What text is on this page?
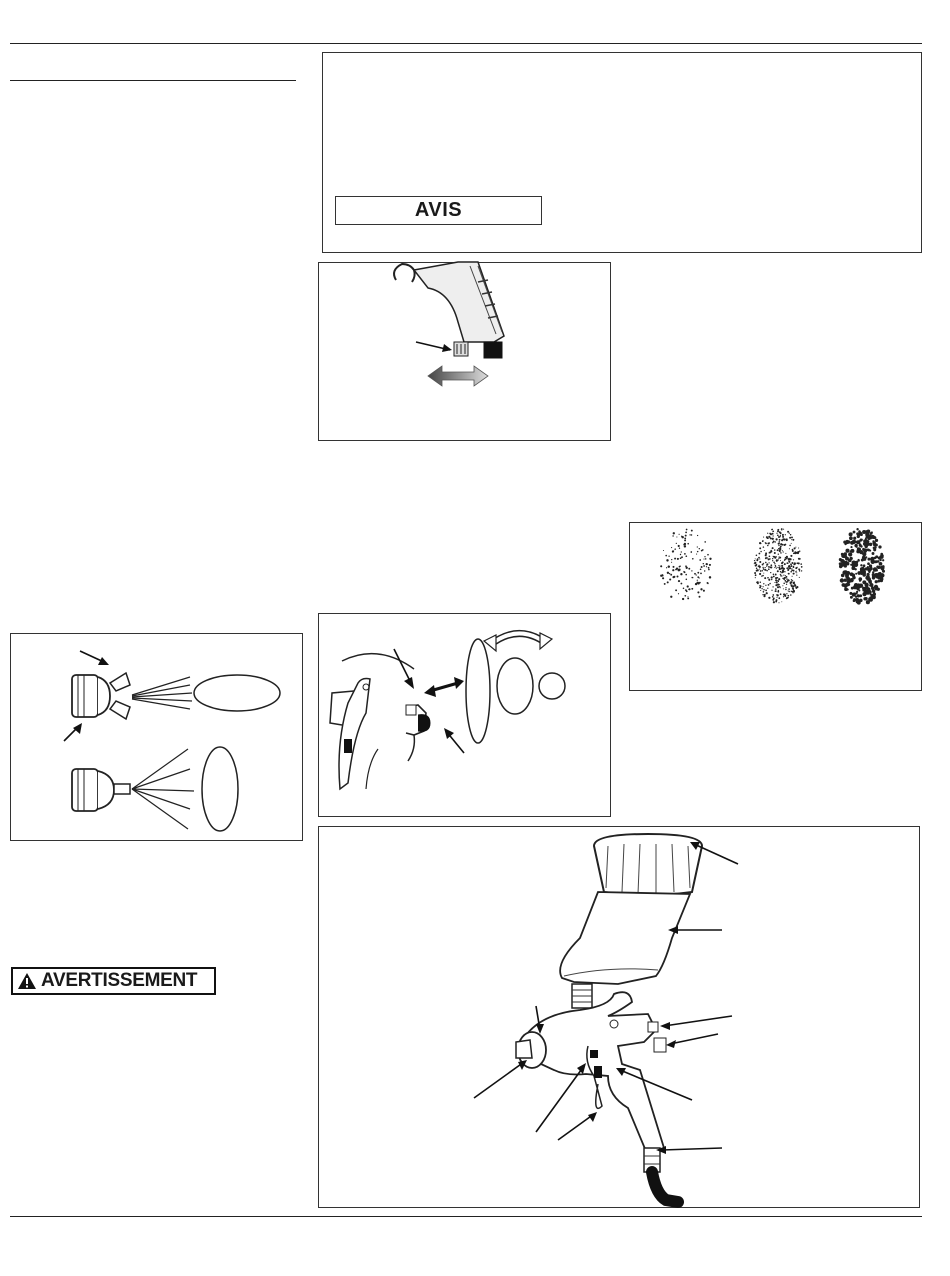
AVIS
AVERTISSEMENT
